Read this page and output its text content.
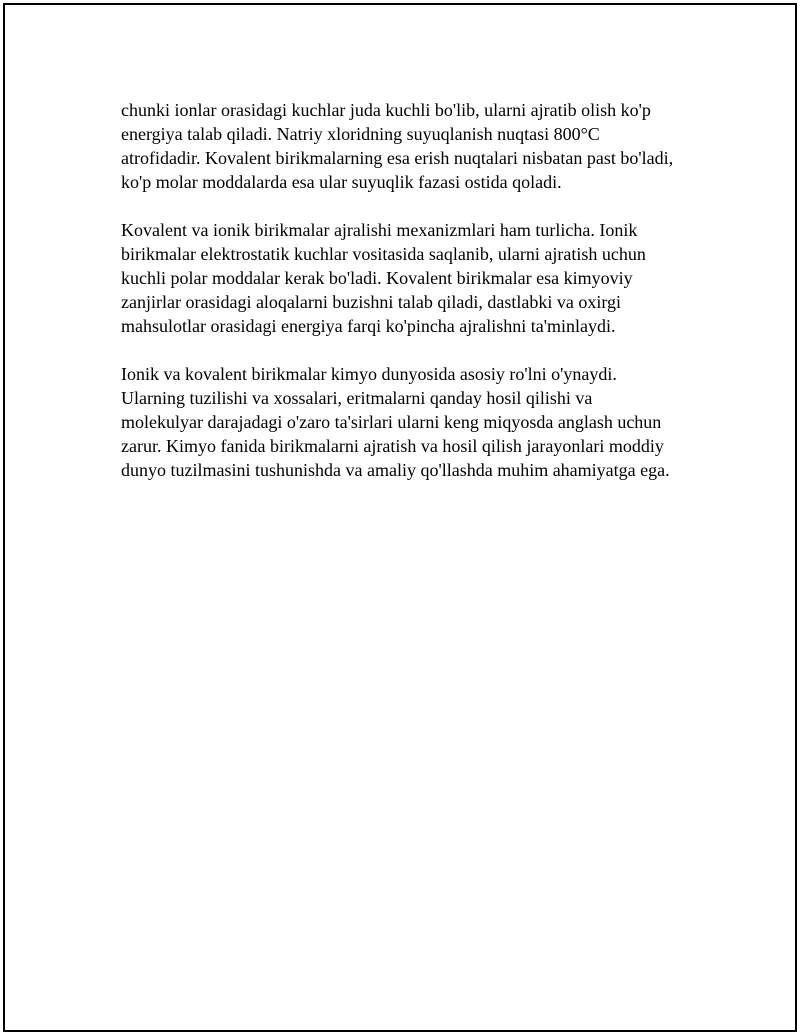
chunki ionlar orasidagi kuchlar juda kuchli bo'lib, ularni ajratib olish ko'p
energiya talab qiladi. Natriy xloridning suyuqlanish nuqtasi 800°C
atrofidadir. Kovalent birikmalarning esa erish nuqtalari nisbatan past bo'ladi,
ko'p molar moddalarda esa ular suyuqlik fazasi ostida qoladi.

Kovalent va ionik birikmalar ajralishi mexanizmlari ham turlicha. Ionik
birikmalar elektrostatik kuchlar vositasida saqlanib, ularni ajratish uchun
kuchli polar moddalar kerak bo'ladi. Kovalent birikmalar esa kimyoviy
zanjirlar orasidagi aloqalarni buzishni talab qiladi, dastlabki va oxirgi
mahsulotlar orasidagi energiya farqi ko'pincha ajralishni ta'minlaydi.

Ionik va kovalent birikmalar kimyo dunyosida asosiy ro'lni o'ynaydi.
Ularning tuzilishi va xossalari, eritmalarni qanday hosil qilishi va
molekulyar darajadagi o'zaro ta'sirlari ularni keng miqyosda anglash uchun
zarur. Kimyo fanida birikmalarni ajratish va hosil qilish jarayonlari moddiy
dunyo tuzilmasini tushunishda va amaliy qo'llashda muhim ahamiyatga ega.
